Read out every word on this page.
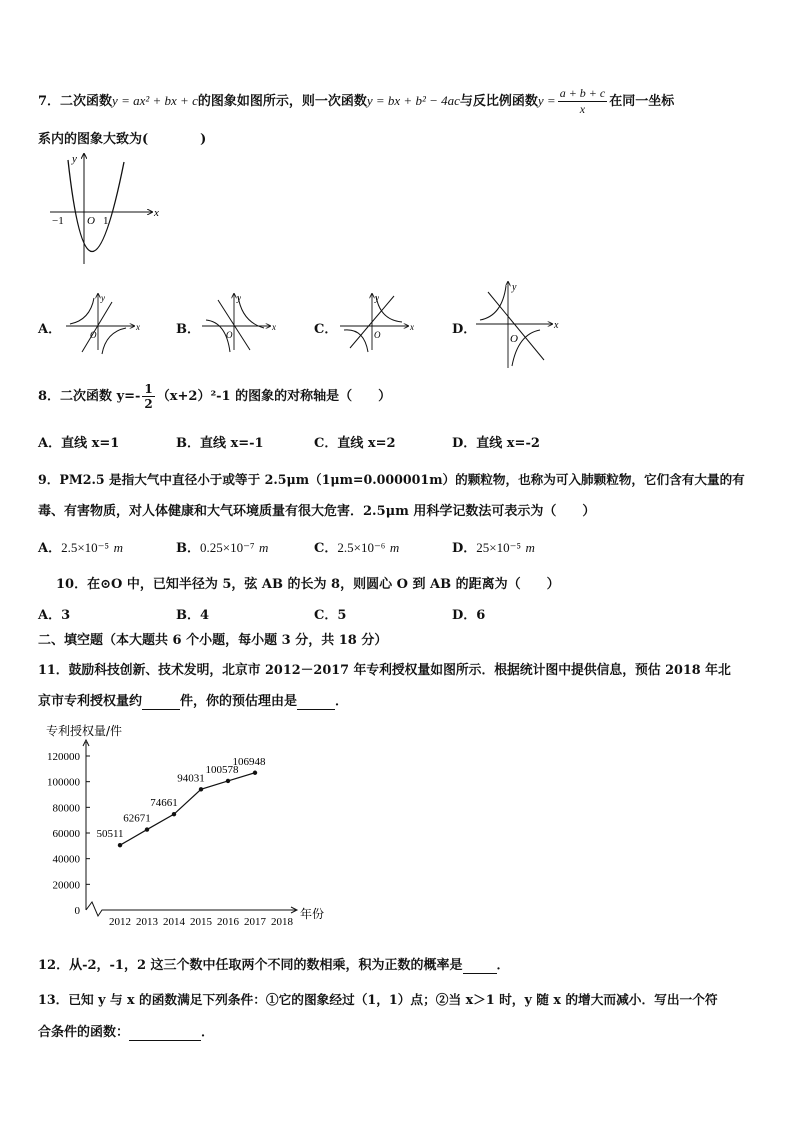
7．二次函数y = ax² + bx + c的图象如图所示，则一次函数y = bx + b² − 4ac与反比例函数$y = \frac{a + b + c}{x}$ 在同一坐标
系内的图象大致为(　　　　)
y
x
O
−1	1
A．
y
x
O	B．
y
x
O	C．
y
x
O	D．
y
x
O
8．二次函数 $y=- \frac{1}{2} (x+2)^2-1$ 的图象的对称轴是（　　）
A．直线 x=1	B．直线 x=-1	C．直线 x=2	D．直线 x=-2
9．PM2.5 是指大气中直径小于或等于 2.5μm（1μm=0.000001m）的颗粒物，也称为可入肺颗粒物，它们含有大量的有
毒、有害物质，对人体健康和大气环境质量有很大危害．2.5μm 用科学记数法可表示为（　　）
A．2.5×10⁻⁵ m	B．0.25×10⁻⁷ m	C．2.5×10⁻⁶ m	D．25×10⁻⁵ m
10．在⊙O 中，已知半径为 5，弦 AB 的长为 8，则圆心 O 到 AB 的距离为（　　）
A．3	B．4	C．5	D．6
二、填空题（本大题共 6 个小题，每小题 3 分，共 18 分）
11．鼓励科技创新、技术发明，北京市 2012－2017 年专利授权量如图所示．根据统计图中提供信息，预估 2018 年北
京市专利授权量约	件，你的预估理由是	．
专利授权量/件
年份
0
20000
40000
60000
80000
100000
120000
2012 2013 2014 2015 2016 2017 2018
50511
62671
74661
94031
100578
106948
12．从-2，-1，2 这三个数中任取两个不同的数相乘，积为正数的概率是	．
13．已知 y 与 x 的函数满足下列条件：①它的图象经过（1，1）点；②当 x＞1 时，y 随 x 的增大而减小．写出一个符
合条件的函数：	．
